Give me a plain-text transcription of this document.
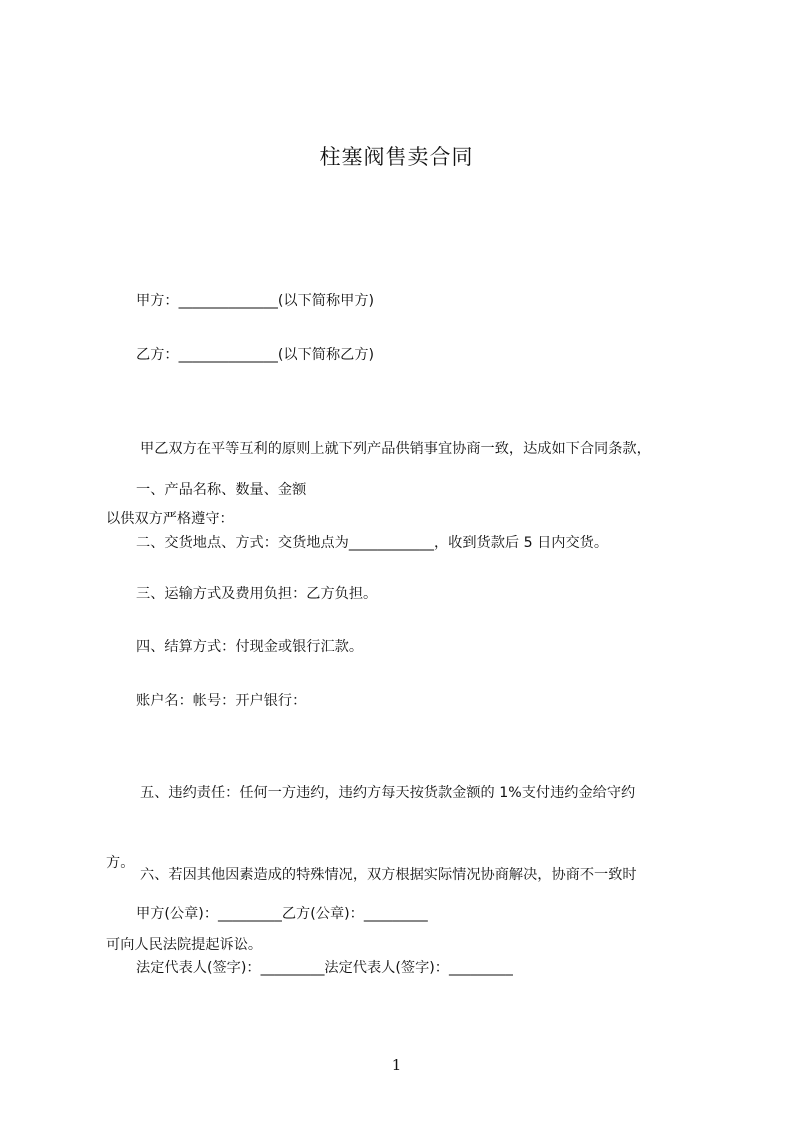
柱塞阀售卖合同
甲方：______________(以下简称甲方)
乙方：______________(以下简称乙方)

甲乙双方在平等互利的原则上就下列产品供销事宜协商一致，达成如下合同条款，

以供双方严格遵守：

一、产品名称、数量、金额
二、交货地点、方式：交货地点为____________，收到货款后 5 日内交货。
三、运输方式及费用负担：乙方负担。
四、结算方式：付现金或银行汇款。
账户名：帐号：开户银行：

五、违约责任：任何一方违约，违约方每天按货款金额的 1%支付违约金给守约

方。

六、若因其他因素造成的特殊情况，双方根据实际情况协商解决，协商不一致时

可向人民法院提起诉讼。

甲方(公章)：_________乙方(公章)：_________
法定代表人(签字)：_________法定代表人(签字)：_________
1
